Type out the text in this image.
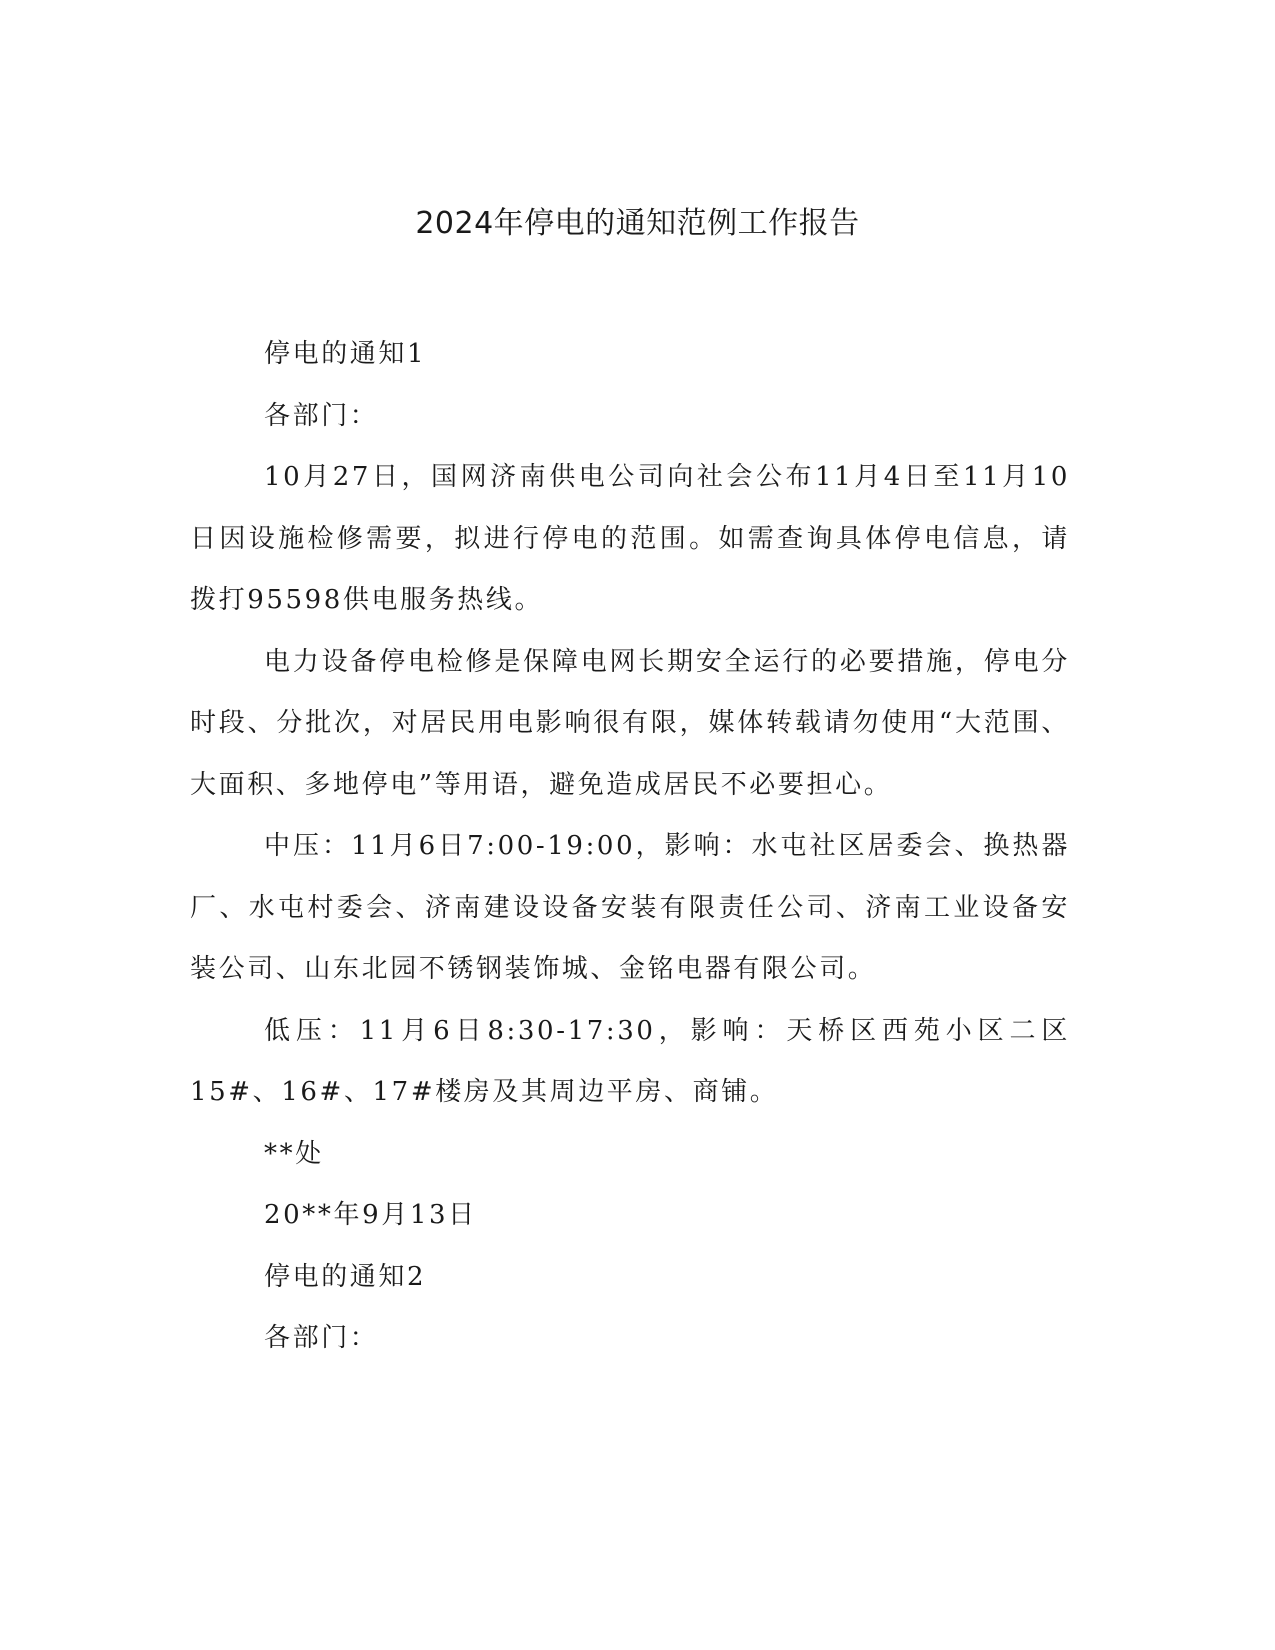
2024年停电的通知范例工作报告

停电的通知1

各部门：

10月27日，国网济南供电公司向社会公布11月4日至11月10日因设施检修需要，拟进行停电的范围。如需查询具体停电信息，请拨打95598供电服务热线。

电力设备停电检修是保障电网长期安全运行的必要措施，停电分时段、分批次，对居民用电影响很有限，媒体转载请勿使用“大范围、大面积、多地停电”等用语，避免造成居民不必要担心。

中压：11月6日7:00-19:00，影响：水屯社区居委会、换热器厂、水屯村委会、济南建设设备安装有限责任公司、济南工业设备安装公司、山东北园不锈钢装饰城、金铭电器有限公司。

低压：11月6日8:30-17:30，影响：天桥区西苑小区二区15#、16#、17#楼房及其周边平房、商铺。

**处

20**年9月13日

停电的通知2

各部门：
